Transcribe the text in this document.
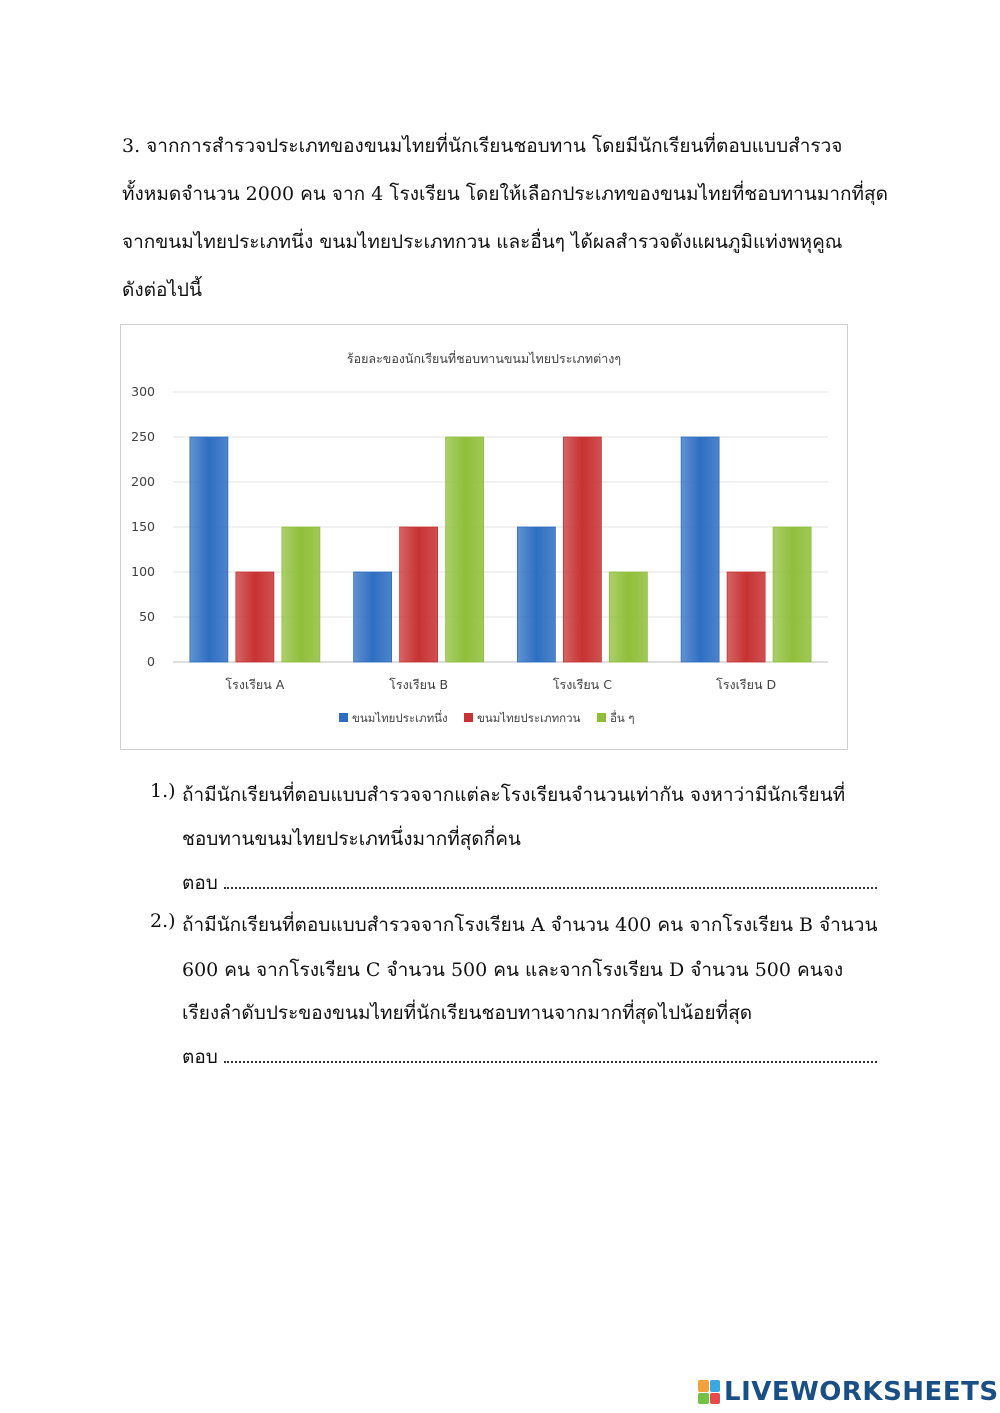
3. จากการสำรวจประเภทของขนมไทยที่นักเรียนชอบทาน โดยมีนักเรียนที่ตอบแบบสำรวจ

ทั้งหมดจำนวน 2000 คน จาก 4 โรงเรียน โดยให้เลือกประเภทของขนมไทยที่ชอบทานมากที่สุด

จากขนมไทยประเภทนึ่ง ขนมไทยประเภทกวน และอื่นๆ ได้ผลสำรวจดังแผนภูมิแท่งพหุคูณ

ดังต่อไปนี้

ร้อยละของนักเรียนที่ชอบทานขนมไทยประเภทต่างๆ
0
50
100
150
200
250
300
โรงเรียน A	โรงเรียน B	โรงเรียน C	โรงเรียน D
ขนมไทยประเภทนึ่ง	ขนมไทยประเภทกวน	อื่น ๆ
1.) ถ้ามีนักเรียนที่ตอบแบบสำรวจจากแต่ละโรงเรียนจำนวนเท่ากัน จงหาว่ามีนักเรียนที่
ชอบทานขนมไทยประเภทนึ่งมากที่สุดกี่คน
ตอบ
2.) ถ้ามีนักเรียนที่ตอบแบบสำรวจจากโรงเรียน A จำนวน 400 คน จากโรงเรียน B จำนวน
600 คน จากโรงเรียน C จำนวน 500 คน และจากโรงเรียน D จำนวน 500 คนจง
เรียงลำดับประของขนมไทยที่นักเรียนชอบทานจากมากที่สุดไปน้อยที่สุด
ตอบ
LIVEWORKSHEETS
